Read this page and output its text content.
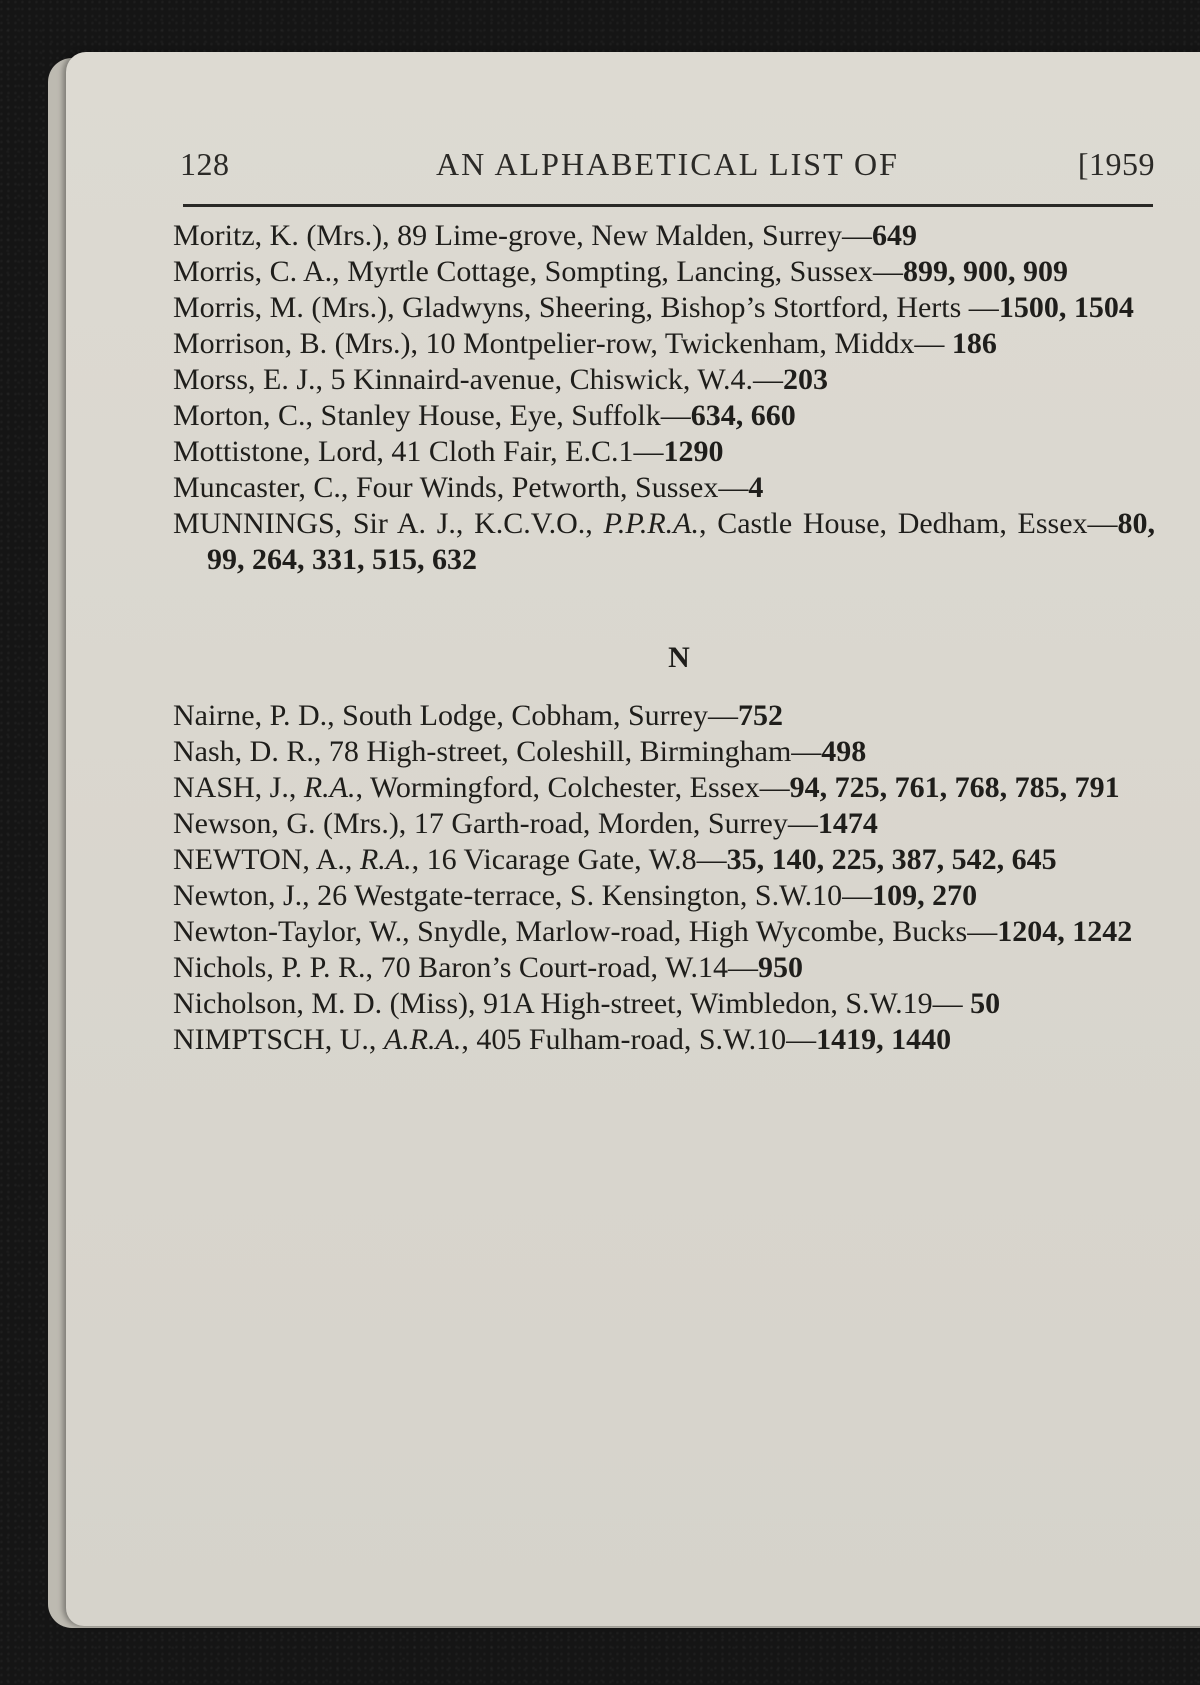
AN ALPHABETICAL LIST OF
128	[1959

Moritz, K. (Mrs.), 89 Lime-grove, New Malden, Surrey—649

Morris, C. A., Myrtle Cottage, Sompting, Lancing, Sussex—899, 900, 909

Morris, M. (Mrs.), Gladwyns, Sheering, Bishop’s Stortford, Herts —1500, 1504

Morrison, B. (Mrs.), 10 Montpelier-row, Twickenham, Middx— 186

Morss, E. J., 5 Kinnaird-avenue, Chiswick, W.4.—203

Morton, C., Stanley House, Eye, Suffolk—634, 660

Mottistone, Lord, 41 Cloth Fair, E.C.1—1290

Muncaster, C., Four Winds, Petworth, Sussex—4

MUNNINGS, Sir A. J., K.C.V.O., P.P.R.A., Castle House, Dedham, Essex—80, 99, 264, 331, 515, 632

N

Nairne, P. D., South Lodge, Cobham, Surrey—752

Nash, D. R., 78 High-street, Coleshill, Birmingham—498

NASH, J., R.A., Wormingford, Colchester, Essex—94, 725, 761, 768, 785, 791

Newson, G. (Mrs.), 17 Garth-road, Morden, Surrey—1474

NEWTON, A., R.A., 16 Vicarage Gate, W.8—35, 140, 225, 387, 542, 645

Newton, J., 26 Westgate-terrace, S. Kensington, S.W.10—109, 270

Newton-Taylor, W., Snydle, Marlow-road, High Wycombe, Bucks—1204, 1242

Nichols, P. P. R., 70 Baron’s Court-road, W.14—950

Nicholson, M. D. (Miss), 91A High-street, Wimbledon, S.W.19— 50

NIMPTSCH, U., A.R.A., 405 Fulham-road, S.W.10—1419, 1440
